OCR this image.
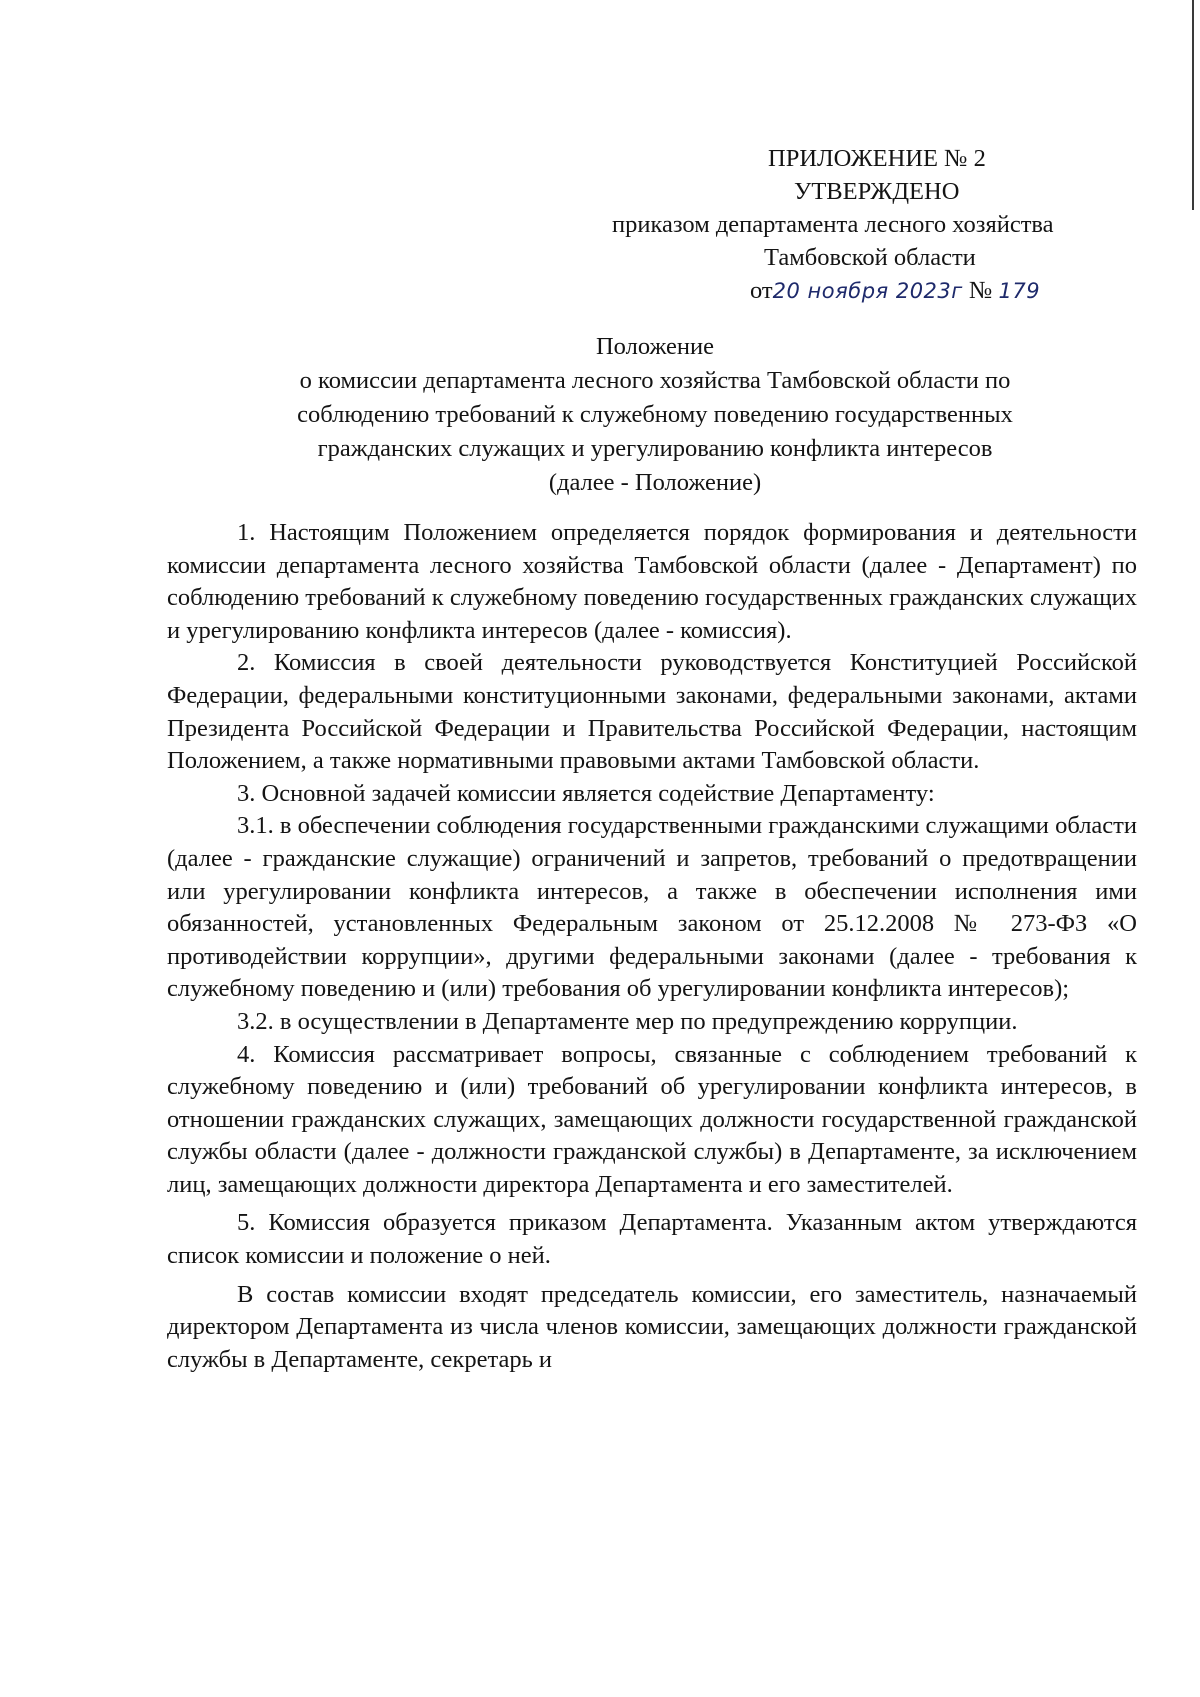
ПРИЛОЖЕНИЕ № 2
УТВЕРЖДЕНО
приказом департамента лесного хозяйства
Тамбовской области
от20 ноября 2023г № 179
Положение
о комиссии департамента лесного хозяйства Тамбовской области по
соблюдению требований к служебному поведению государственных
гражданских служащих и урегулированию конфликта интересов
(далее - Положение)

1. Настоящим Положением определяется порядок формирования и деятельности комиссии департамента лесного хозяйства Тамбовской области (далее - Департамент) по соблюдению требований к служебному поведению государственных гражданских служащих и урегулированию конфликта интересов (далее - комиссия).

2. Комиссия в своей деятельности руководствуется Конституцией Российской Федерации, федеральными конституционными законами, федеральными законами, актами Президента Российской Федерации и Правительства Российской Федерации, настоящим Положением, а также нормативными правовыми актами Тамбовской области.

3. Основной задачей комиссии является содействие Департаменту:

3.1. в обеспечении соблюдения государственными гражданскими служащими области (далее - гражданские служащие) ограничений и запретов, требований о предотвращении или урегулировании конфликта интересов, а также в обеспечении исполнения ими обязанностей, установленных Федеральным законом от 25.12.2008 № 273-ФЗ «О противодействии коррупции», другими федеральными законами (далее - требования к служебному поведению и (или) требования об урегулировании конфликта интересов);

3.2. в осуществлении в Департаменте мер по предупреждению коррупции.

4. Комиссия рассматривает вопросы, связанные с соблюдением требований к служебному поведению и (или) требований об урегулировании конфликта интересов, в отношении гражданских служащих, замещающих должности государственной гражданской службы области (далее - должности гражданской службы) в Департаменте, за исключением лиц, замещающих должности директора Департамента и его заместителей.

5. Комиссия образуется приказом Департамента. Указанным актом утверждаются список комиссии и положение о ней.

В состав комиссии входят председатель комиссии, его заместитель, назначаемый директором Департамента из числа членов комиссии, замещающих должности гражданской службы в Департаменте, секретарь и
